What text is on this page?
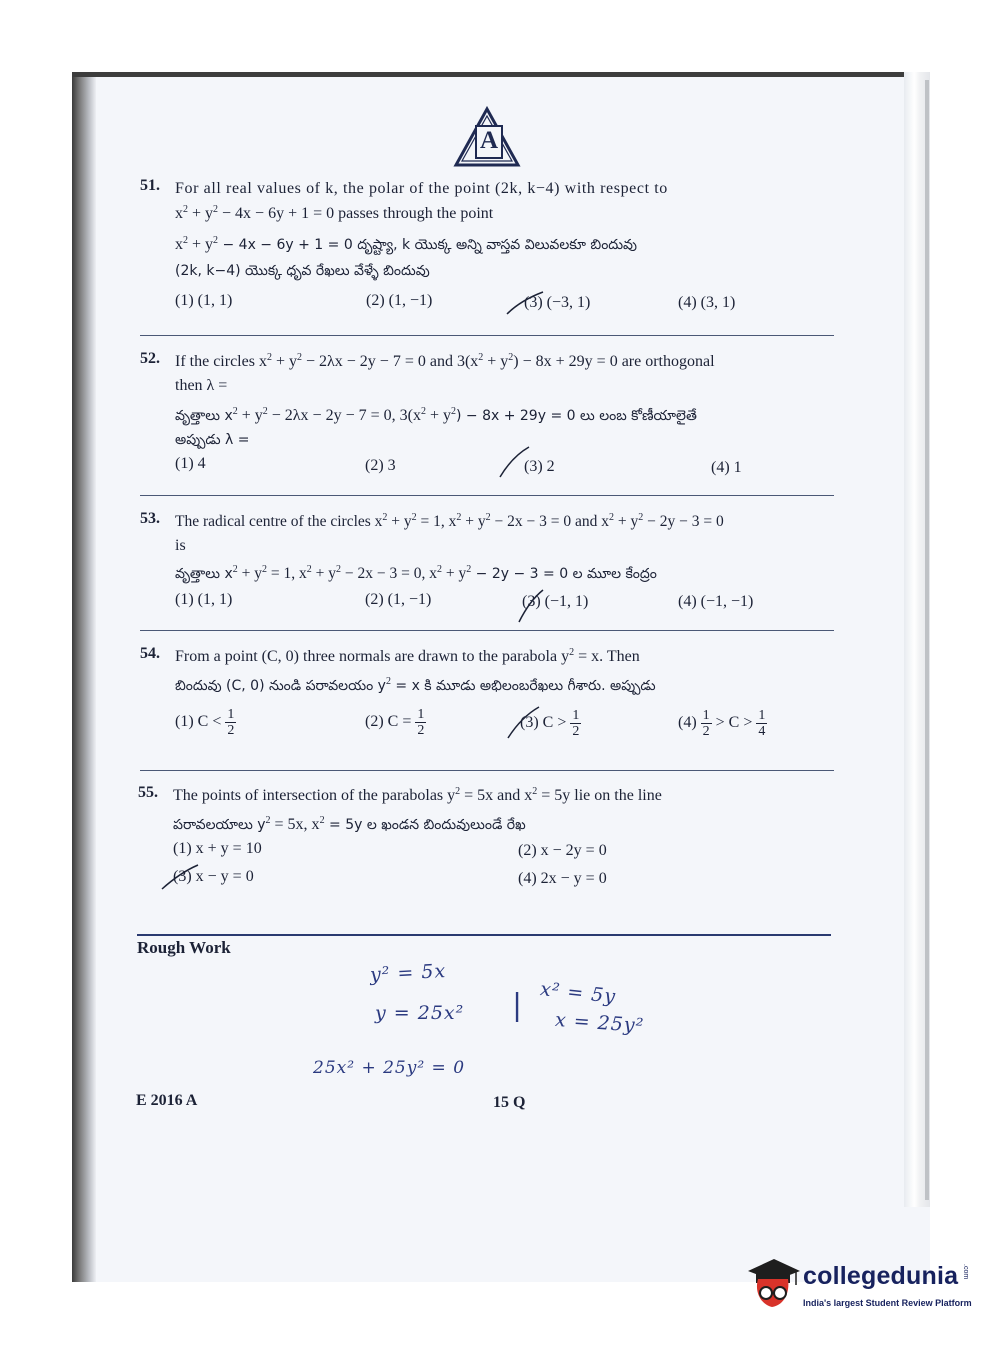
A
51. For all real values of k, the polar of the point (2k, k−4) with respect to
$x^2 + y^2 - 4x - 6y + 1 = 0$ passes through the point
$x^2 + y^2 - 4x - 6y + 1 = 0$ దృష్ట్యా, k యొక్క అన్ని వాస్తవ విలువలకూ బిందువు
(2k, k−4) యొక్క ధృవ రేఖలు వేళ్ళే బిందువు
(1) (1, 1)	(2) (1, −1)	(3) (−3, 1)	(4) (3, 1)
52. If the circles $x^2 + y^2 - 2\lambda x - 2y - 7 = 0$ and $3(x^2 + y^2) - 8x + 29y = 0$ are orthogonal
then λ =
వృత్తాలు $x^2 + y^2 - 2\lambda x - 2y - 7 = 0$, $3(x^2 + y^2) - 8x + 29y = 0$ లు లంబ కోణీయాలైతే
అప్పుడు λ =
(1) 4	(2) 3	(3) 2	(4) 1
53. The radical centre of the circles $x^2 + y^2 = 1$, $x^2 + y^2 - 2x - 3 = 0$ and $x^2 + y^2 - 2y - 3 = 0$
is
వృత్తాలు $x^2 + y^2 = 1$, $x^2 + y^2 - 2x - 3 = 0$, $x^2 + y^2 - 2y - 3 = 0$ ల మూల కేంద్రం
(1) (1, 1)	(2) (1, −1)	(3) (−1, 1)	(4) (−1, −1)
54. From a point (C, 0) three normals are drawn to the parabola $y^2 = x$. Then
బిందువు (C, 0) నుండి పరావలయం $y^2 = x$ కి మూడు అభిలంబరేఖలు గీశారు. అప్పుడు
(1) $C < \frac{1}{2}$	(2) $C = \frac{1}{2}$	(3) $C > \frac{1}{2}$	$(4) \frac{1}{2} > C > \frac{1}{4}$
55. The points of intersection of the parabolas $y^2 = 5x$ and $x^2 = 5y$ lie on the line
పరావలయాలు $y^2 = 5x$, $x^2 = 5y$ ల ఖండన బిందువులుండే రేఖ
(1) x + y = 10	(2) x − 2y = 0
(3) x − y = 0	(4) 2x − y = 0
Rough Work
y² = 5x
y = 25x² | x² = 5y
x = 25y²
25x² + 25y² = 0
E 2016 A	15 Q
collegedunia .com
India's largest Student Review Platform
